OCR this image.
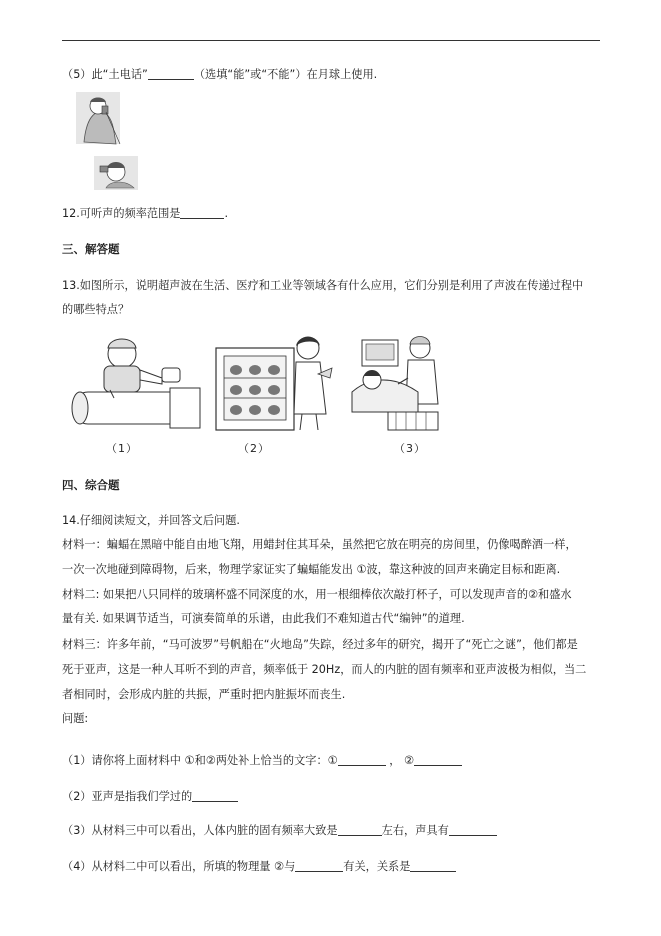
（5）此“土电话”	（选填“能”或“不能”）在月球上使用.
12.可听声的频率范围是	.
三、解答题
13.如图所示，说明超声波在生活、医疗和工业等领域各有什么应用，它们分别是利用了声波在传递过程中
的哪些特点？
（1）	（2）	（3）
四、综合题
14.仔细阅读短文，并回答文后问题.
材料一：蝙蝠在黑暗中能自由地飞翔，用蜡封住其耳朵，虽然把它放在明亮的房间里，仍像喝醉酒一样，
一次一次地碰到障碍物，后来，物理学家证实了蝙蝠能发出 ①波，靠这种波的回声来确定目标和距离.
材料二: 如果把八只同样的玻璃杯盛不同深度的水，用一根细棒依次敲打杯子，可以发现声音的②和盛水
量有关. 如果调节适当，可演奏简单的乐谱，由此我们不难知道古代“编钟”的道理.
材料三：许多年前，“马可波罗”号帆船在“火地岛”失踪，经过多年的研究，揭开了“死亡之谜”，他们都是
死于亚声，这是一种人耳听不到的声音，频率低于 20Hz，而人的内脏的固有频率和亚声波极为相似，当二
者相同时，会形成内脏的共振，严重时把内脏振坏而丧生.
问题:
（1）请你将上面材料中 ①和②两处补上恰当的文字：①	， ②
（2）亚声是指我们学过的
（3）从材料三中可以看出，人体内脏的固有频率大致是	左右，声具有
（4）从材料二中可以看出，所填的物理量 ②与	有关，关系是
